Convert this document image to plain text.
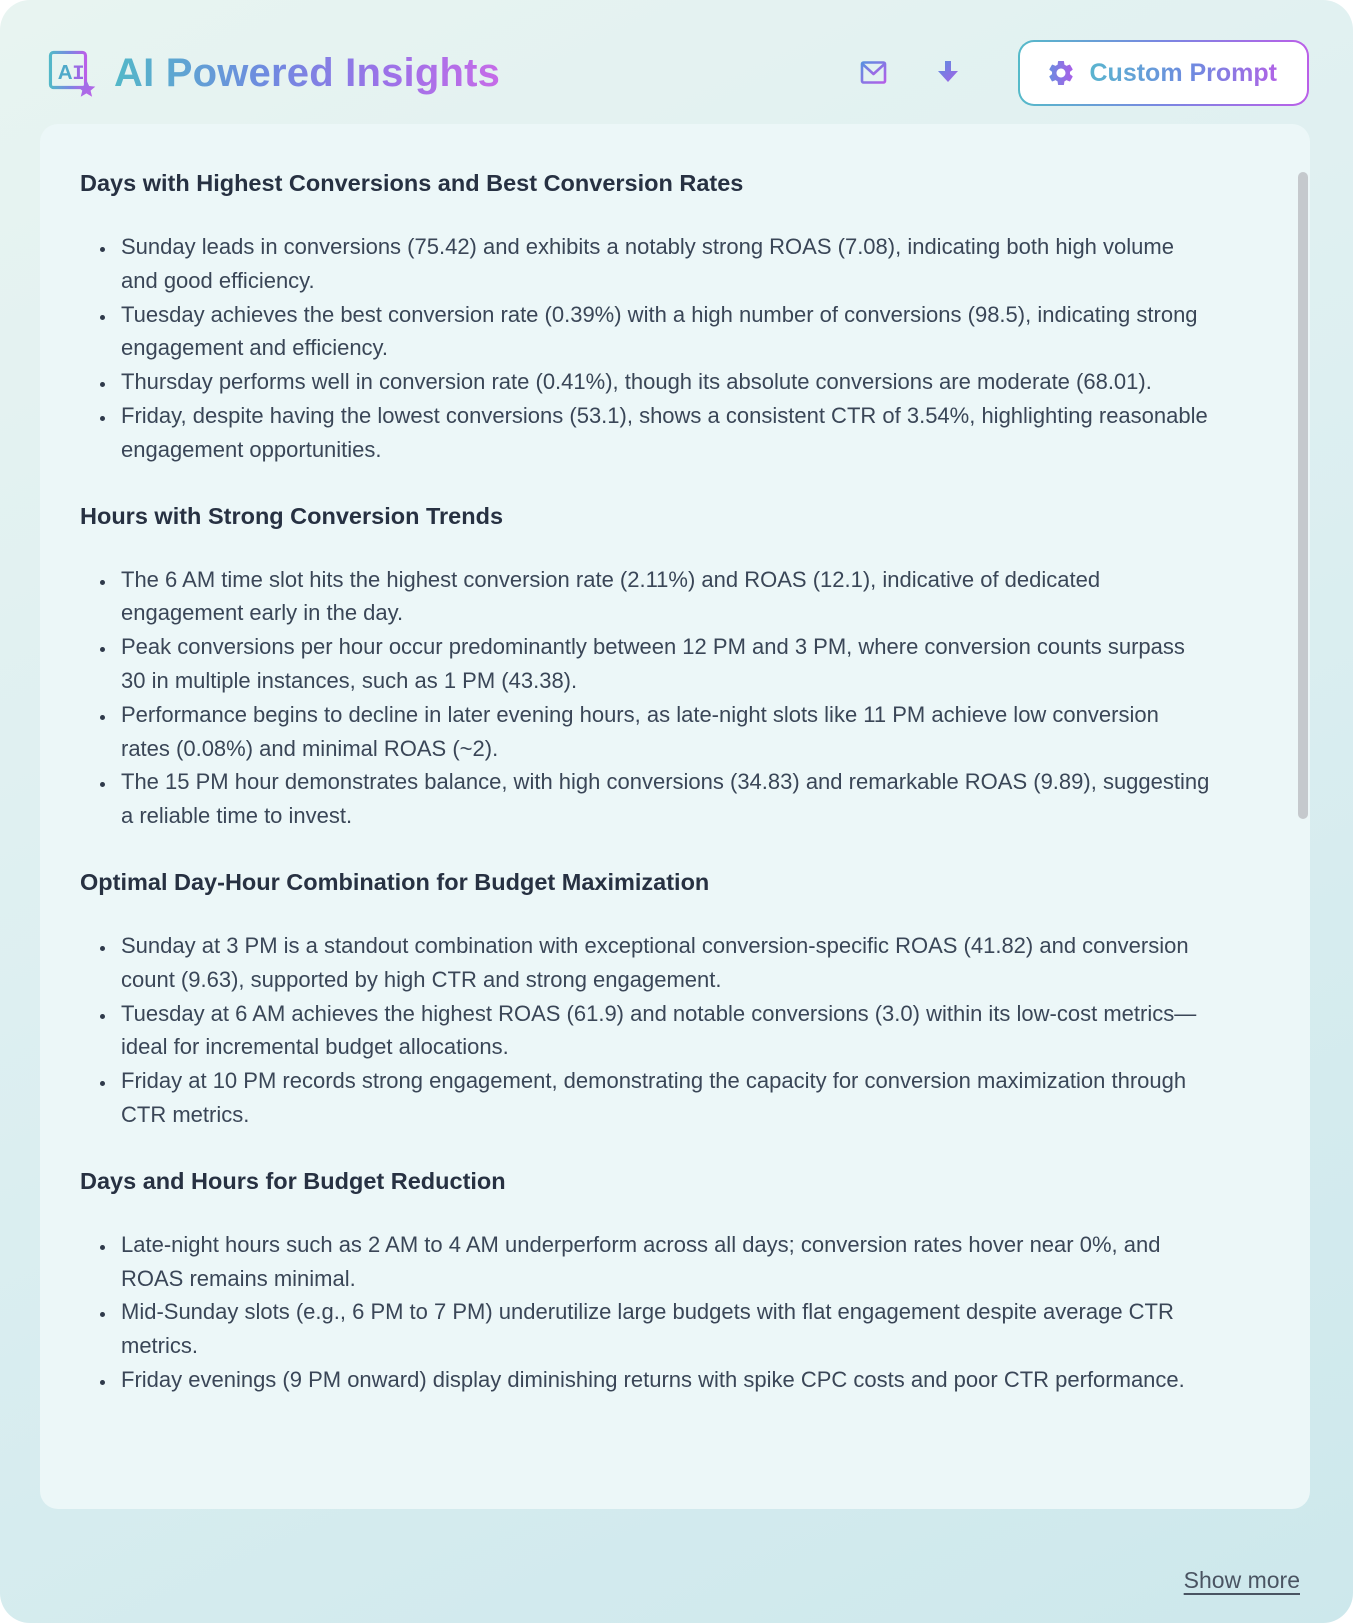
A I AI Powered Insights	Custom Prompt
Days with Highest Conversions and Best Conversion Rates
• Sunday leads in conversions (75.42) and exhibits a notably strong ROAS (7.08), indicating both high volume and good efficiency.
• Tuesday achieves the best conversion rate (0.39%) with a high number of conversions (98.5), indicating strong engagement and efficiency.
• Thursday performs well in conversion rate (0.41%), though its absolute conversions are moderate (68.01).
• Friday, despite having the lowest conversions (53.1), shows a consistent CTR of 3.54%, highlighting reasonable engagement opportunities.
Hours with Strong Conversion Trends
• The 6 AM time slot hits the highest conversion rate (2.11%) and ROAS (12.1), indicative of dedicated engagement early in the day.
• Peak conversions per hour occur predominantly between 12 PM and 3 PM, where conversion counts surpass 30 in multiple instances, such as 1 PM (43.38).
• Performance begins to decline in later evening hours, as late-night slots like 11 PM achieve low conversion rates (0.08%) and minimal ROAS (~2).
• The 15 PM hour demonstrates balance, with high conversions (34.83) and remarkable ROAS (9.89), suggesting a reliable time to invest.
Optimal Day-Hour Combination for Budget Maximization
• Sunday at 3 PM is a standout combination with exceptional conversion-specific ROAS (41.82) and conversion count (9.63), supported by high CTR and strong engagement.
• Tuesday at 6 AM achieves the highest ROAS (61.9) and notable conversions (3.0) within its low-cost metrics—ideal for incremental budget allocations.
• Friday at 10 PM records strong engagement, demonstrating the capacity for conversion maximization through CTR metrics.
Days and Hours for Budget Reduction
• Late-night hours such as 2 AM to 4 AM underperform across all days; conversion rates hover near 0%, and ROAS remains minimal.
• Mid-Sunday slots (e.g., 6 PM to 7 PM) underutilize large budgets with flat engagement despite average CTR metrics.
• Friday evenings (9 PM onward) display diminishing returns with spike CPC costs and poor CTR performance.
Show more
